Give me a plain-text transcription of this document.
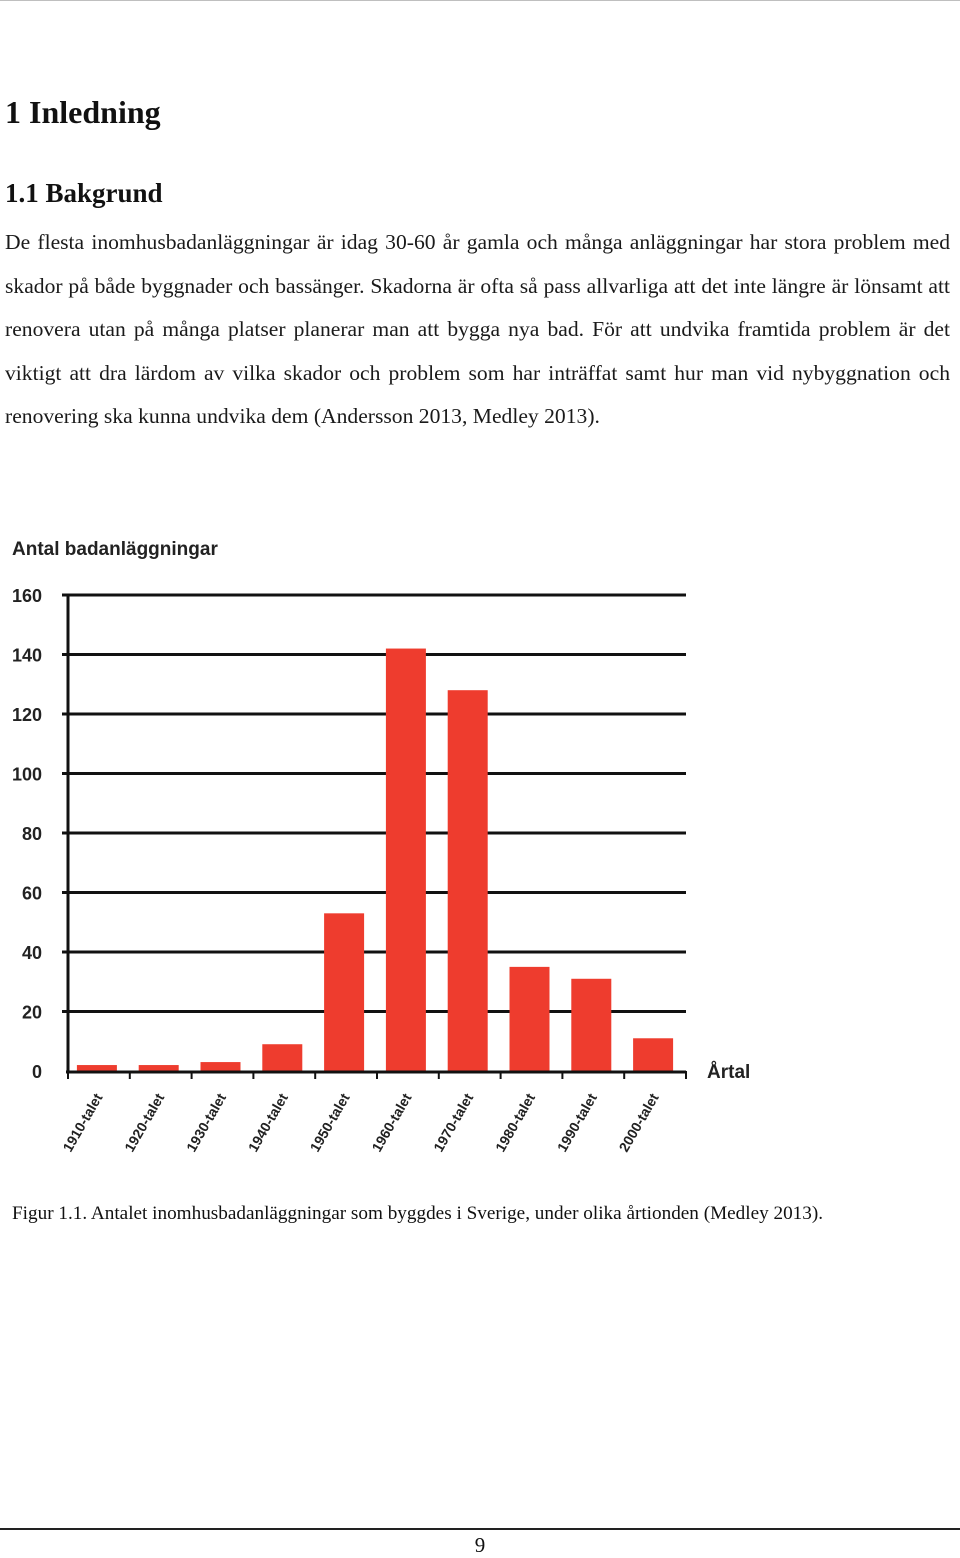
1 Inledning
1.1 Bakgrund

De flesta inomhusbadanläggningar är idag 30-60 år gamla och många anläggningar har stora problem med skador på både byggnader och bassänger. Skadorna är ofta så pass allvarliga att det inte längre är lönsamt att renovera utan på många platser planerar man att bygga nya bad. För att undvika framtida problem är det viktigt att dra lärdom av vilka skador och problem som har inträffat samt hur man vid nybyggnation och renovering ska kunna undvika dem (Andersson 2013, Medley 2013).

Antal badanläggningar
0
20
40
60
80
100
120
140
160
1910-talet 1920-talet 1930-talet 1940-talet 1950-talet 1960-talet 1970-talet 1980-talet 1990-talet 2000-talet
Årtal

Figur 1.1. Antalet inomhusbadanläggningar som byggdes i Sverige, under olika årtionden (Medley 2013).

9
